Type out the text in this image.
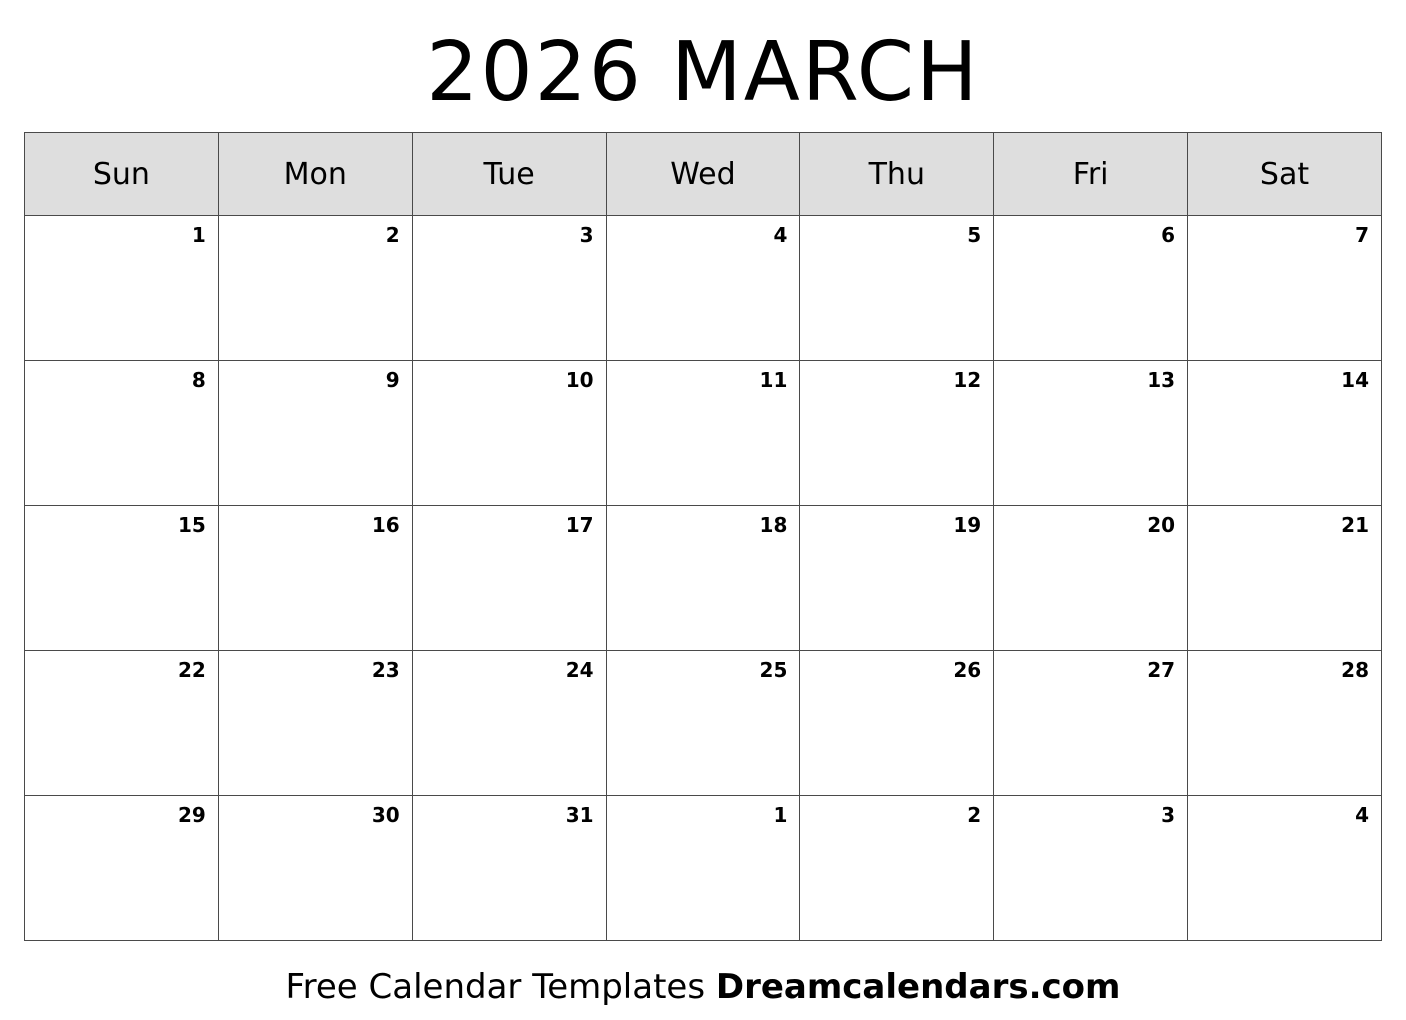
2026 MARCH
Sun	Mon	Tue	Wed	Thu	Fri	Sat

1	2	3	4	5	6	7

8	9	10	11	12	13	14

15	16	17	18	19	20	21

22	23	24	25	26	27	28

29	30	31	1	2	3	4
Free Calendar Templates Dreamcalendars.com
